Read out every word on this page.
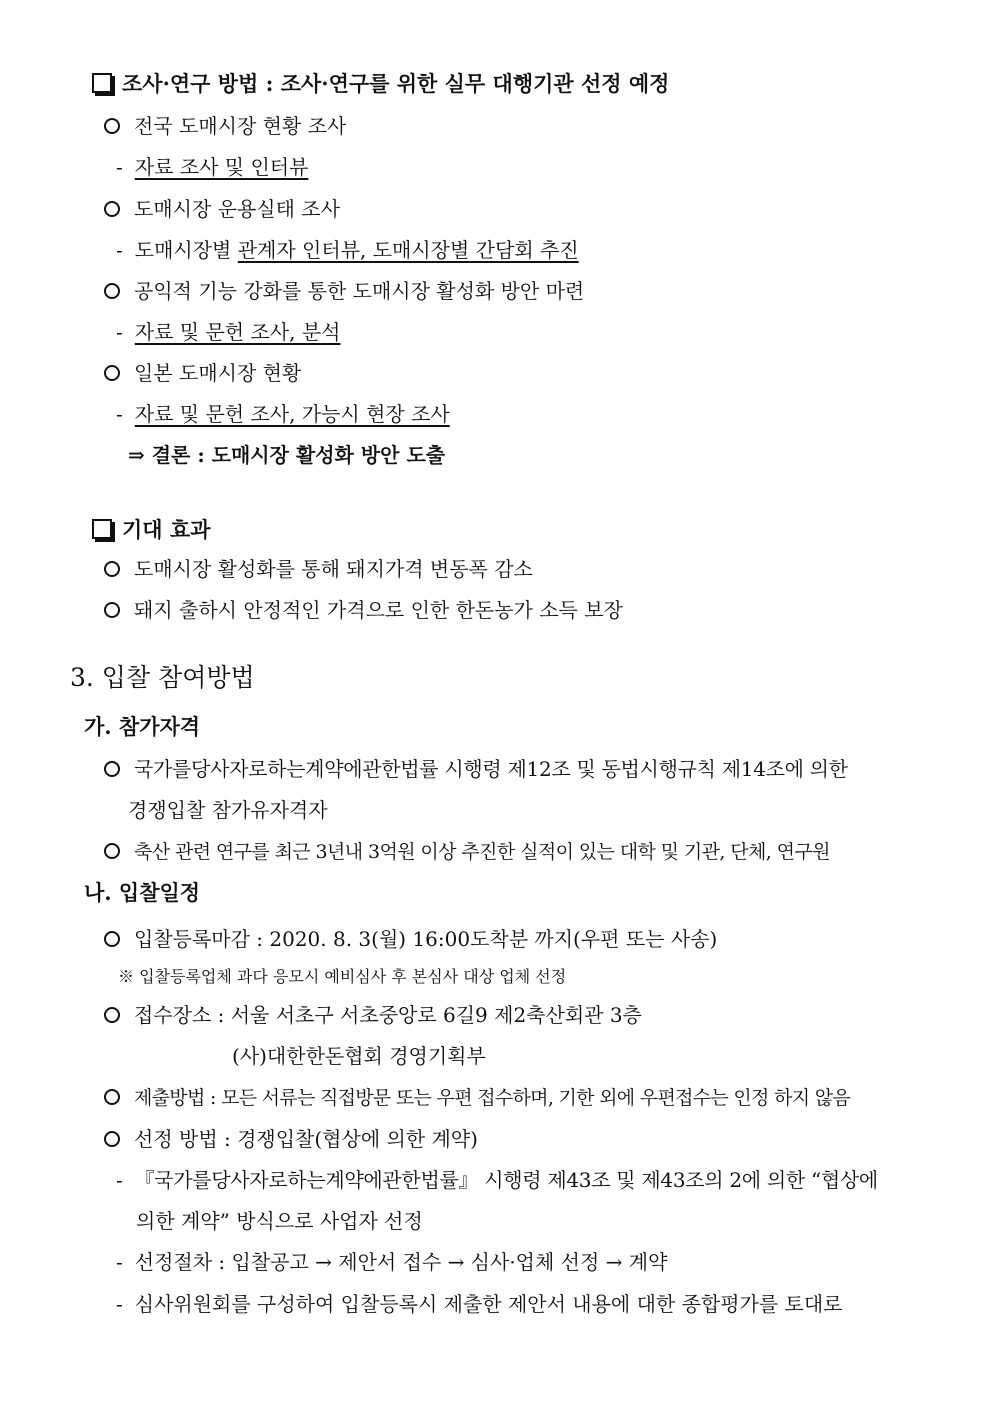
조사·연구 방법 : 조사·연구를 위한 실무 대행기관 선정 예정
전국 도매시장 현황 조사
- 자료 조사 및 인터뷰
도매시장 운용실태 조사
- 도매시장별 관계자 인터뷰, 도매시장별 간담회 추진
공익적 기능 강화를 통한 도매시장 활성화 방안 마련
- 자료 및 문헌 조사, 분석
일본 도매시장 현황
- 자료 및 문헌 조사, 가능시 현장 조사
⇒ 결론 : 도매시장 활성화 방안 도출
기대 효과
도매시장 활성화를 통해 돼지가격 변동폭 감소
돼지 출하시 안정적인 가격으로 인한 한돈농가 소득 보장
3. 입찰 참여방법
가. 참가자격
국가를당사자로하는계약에관한법률 시행령 제12조 및 동법시행규칙 제14조에 의한
경쟁입찰 참가유자격자
축산 관련 연구를 최근 3년내 3억원 이상 추진한 실적이 있는 대학 및 기관, 단체, 연구원
나. 입찰일정
입찰등록마감 : 2020. 8. 3(월) 16:00도착분 까지(우편 또는 사송)
※ 입찰등록업체 과다 응모시 예비심사 후 본심사 대상 업체 선정
접수장소 : 서울 서초구 서초중앙로 6길9 제2축산회관 3층
(사)대한한돈협회 경영기획부
제출방법 : 모든 서류는 직접방문 또는 우편 접수하며, 기한 외에 우편접수는 인정 하지 않음
선정 방법 : 경쟁입찰(협상에 의한 계약)
- 『국가를당사자로하는계약에관한법률』 시행령 제43조 및 제43조의 2에 의한 “협상에
의한 계약” 방식으로 사업자 선정
- 선정절차 : 입찰공고 → 제안서 접수 → 심사·업체 선정 → 계약
- 심사위원회를 구성하여 입찰등록시 제출한 제안서 내용에 대한 종합평가를 토대로
